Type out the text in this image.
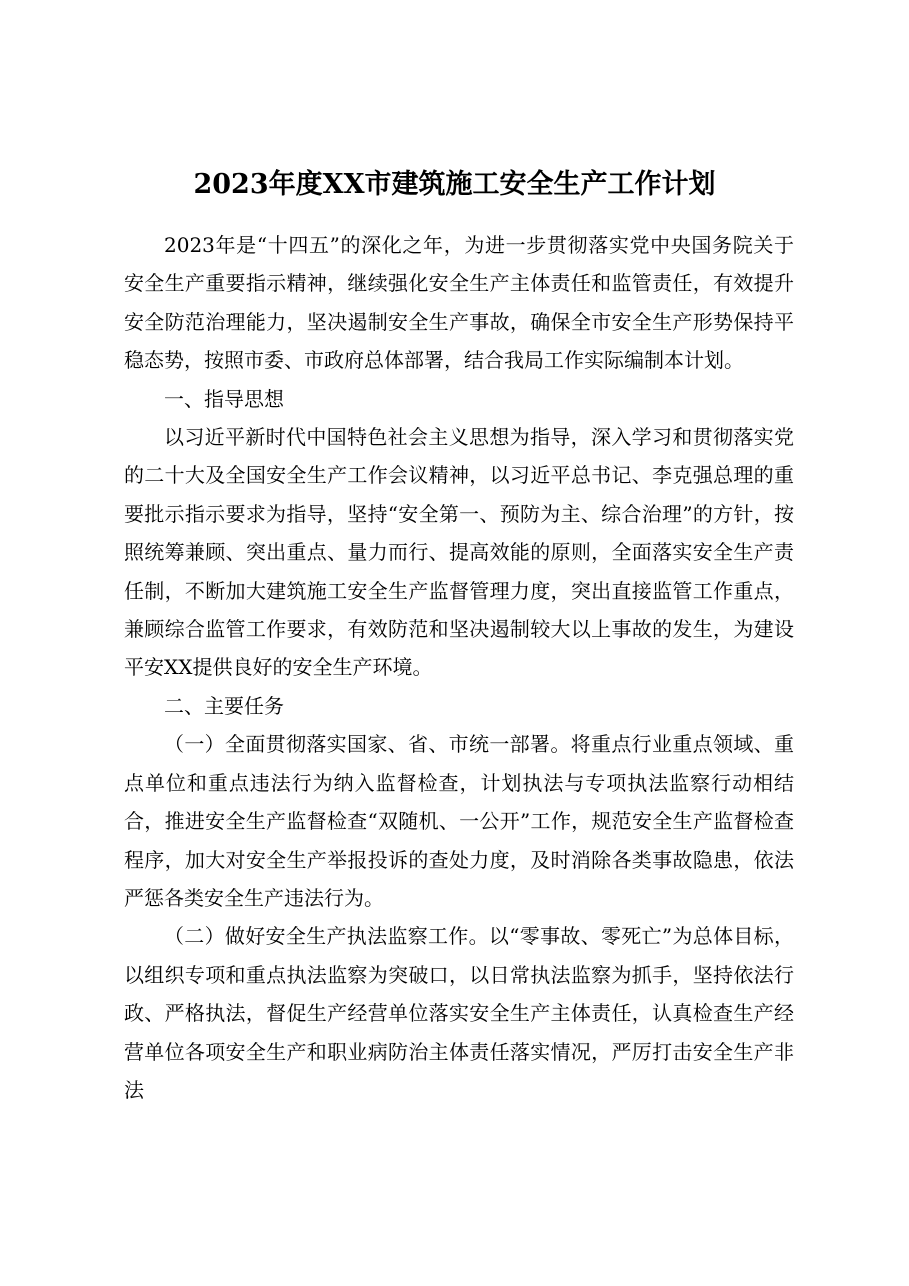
2023年度XX市建筑施工安全生产工作计划

2023年是“十四五”的深化之年，为进一步贯彻落实党中央国务院关于安全生产重要指示精神，继续强化安全生产主体责任和监管责任，有效提升安全防范治理能力，坚决遏制安全生产事故，确保全市安全生产形势保持平稳态势，按照市委、市政府总体部署，结合我局工作实际编制本计划。

一、指导思想

以习近平新时代中国特色社会主义思想为指导，深入学习和贯彻落实党的二十大及全国安全生产工作会议精神，以习近平总书记、李克强总理的重要批示指示要求为指导，坚持“安全第一、预防为主、综合治理”的方针，按照统筹兼顾、突出重点、量力而行、提高效能的原则，全面落实安全生产责任制，不断加大建筑施工安全生产监督管理力度，突出直接监管工作重点，兼顾综合监管工作要求，有效防范和坚决遏制较大以上事故的发生，为建设平安XX提供良好的安全生产环境。

二、主要任务

（一）全面贯彻落实国家、省、市统一部署。将重点行业重点领域、重点单位和重点违法行为纳入监督检查，计划执法与专项执法监察行动相结合，推进安全生产监督检查“双随机、一公开”工作，规范安全生产监督检查程序，加大对安全生产举报投诉的查处力度，及时消除各类事故隐患，依法严惩各类安全生产违法行为。

（二）做好安全生产执法监察工作。以“零事故、零死亡”为总体目标，以组织专项和重点执法监察为突破口，以日常执法监察为抓手，坚持依法行政、严格执法，督促生产经营单位落实安全生产主体责任，认真检查生产经营单位各项安全生产和职业病防治主体责任落实情况，严厉打击安全生产非法
